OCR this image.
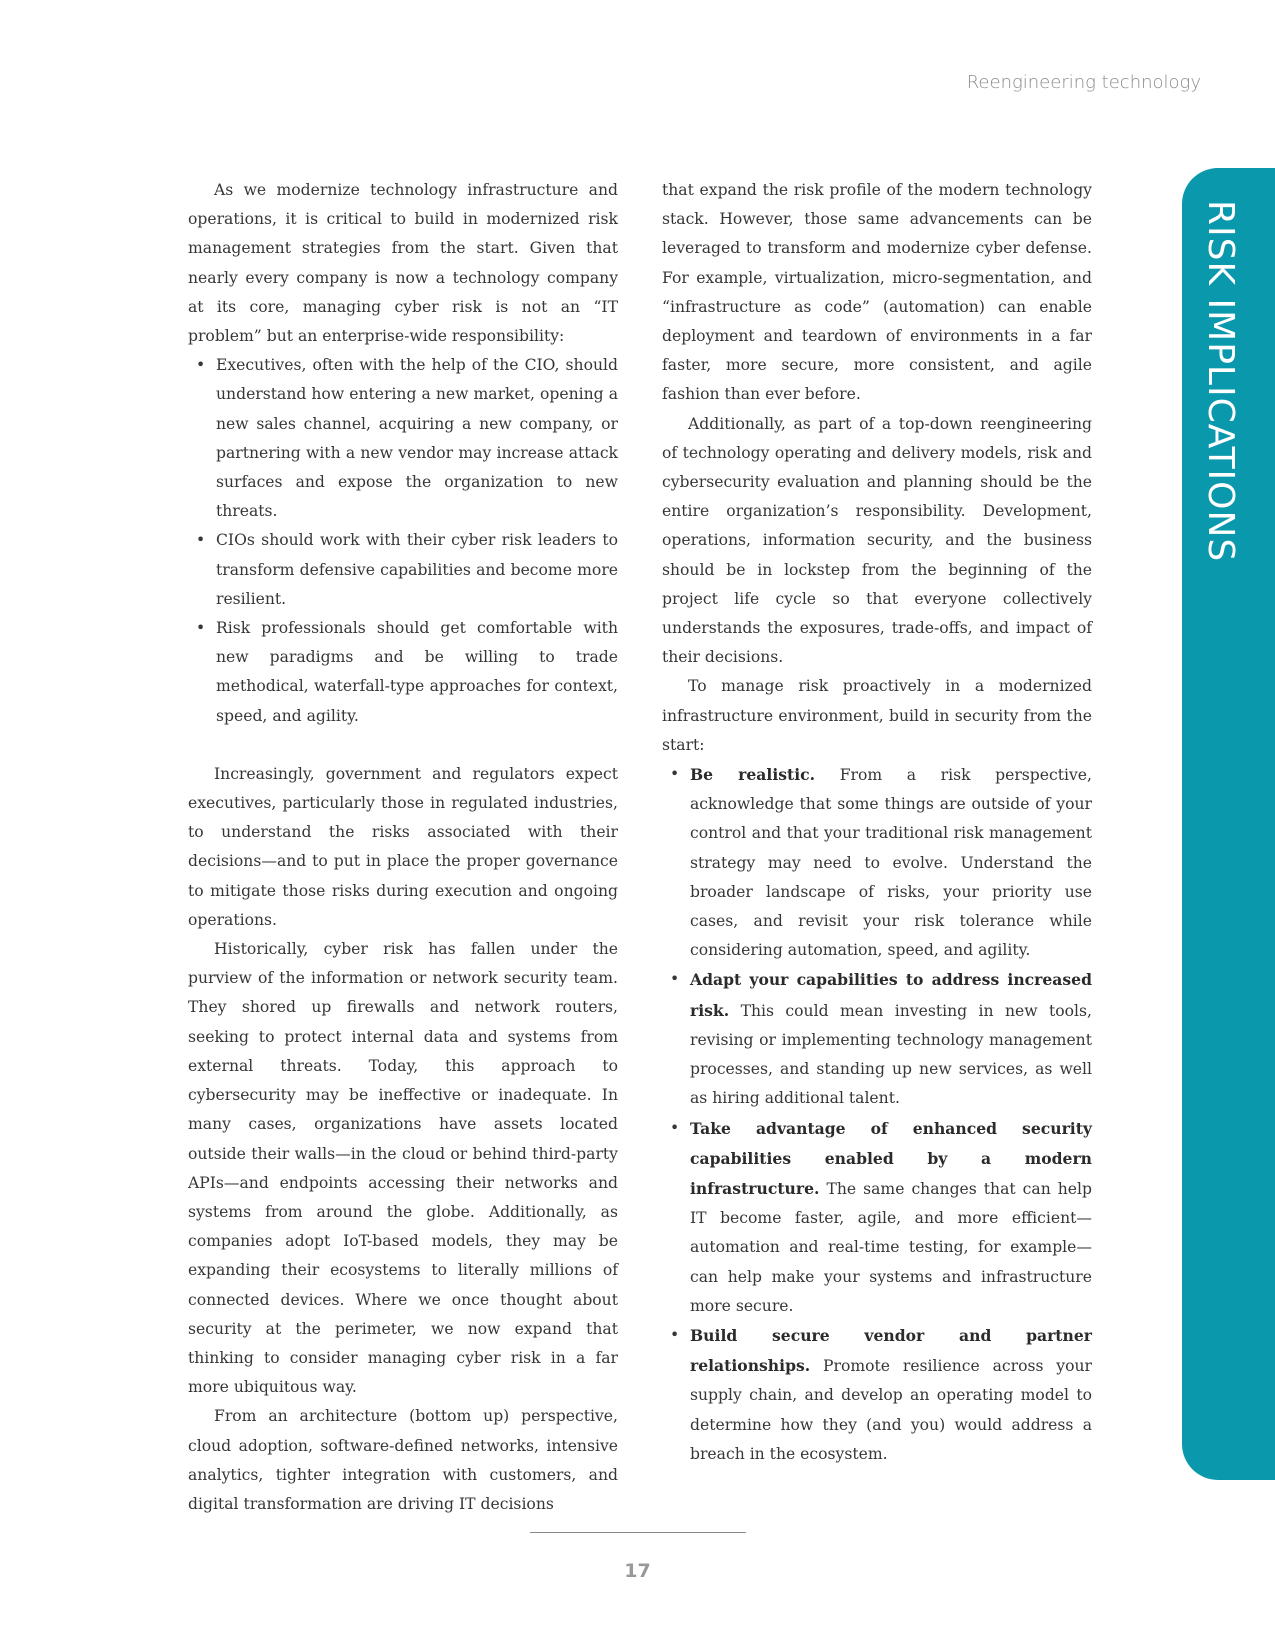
Reengineering technology
RISK IMPLICATIONS

As we modernize technology infrastructure and operations, it is critical to build in modernized risk management strategies from the start. Given that nearly every company is now a technology company at its core, managing cyber risk is not an “IT problem” but an enterprise-wide responsibility:

• Executives, often with the help of the CIO, should understand how entering a new market, opening a new sales channel, acquiring a new company, or partnering with a new vendor may increase attack surfaces and expose the organization to new threats.
• CIOs should work with their cyber risk leaders to transform defensive capabilities and become more resilient.
• Risk professionals should get comfortable with new paradigms and be willing to trade methodical, waterfall-type approaches for context, speed, and agility.

Increasingly, government and regulators expect executives, particularly those in regulated industries, to understand the risks associated with their decisions—and to put in place the proper governance to mitigate those risks during execution and ongoing operations.

Historically, cyber risk has fallen under the purview of the information or network security team. They shored up firewalls and network routers, seeking to protect internal data and systems from external threats. Today, this approach to cybersecurity may be ineffective or inadequate. In many cases, organizations have assets located outside their walls—in the cloud or behind third-party APIs—and endpoints accessing their networks and systems from around the globe. Additionally, as companies adopt IoT-based models, they may be expanding their ecosystems to literally millions of connected devices. Where we once thought about security at the perimeter, we now expand that thinking to consider managing cyber risk in a far more ubiquitous way.

From an architecture (bottom up) perspective, cloud adoption, software-defined networks, intensive analytics, tighter integration with customers, and digital transformation are driving IT decisions

that expand the risk profile of the modern technology stack. However, those same advancements can be leveraged to transform and modernize cyber defense. For example, virtualization, micro-segmentation, and “infrastructure as code” (automation) can enable deployment and teardown of environments in a far faster, more secure, more consistent, and agile fashion than ever before.

Additionally, as part of a top-down reengineering of technology operating and delivery models, risk and cybersecurity evaluation and planning should be the entire organization’s responsibility. Development, operations, information security, and the business should be in lockstep from the beginning of the project life cycle so that everyone collectively understands the exposures, trade-offs, and impact of their decisions.

To manage risk proactively in a modernized infrastructure environment, build in security from the start:

• Be realistic. From a risk perspective, acknowledge that some things are outside of your control and that your traditional risk management strategy may need to evolve. Understand the broader landscape of risks, your priority use cases, and revisit your risk tolerance while considering automation, speed, and agility.
• Adapt your capabilities to address increased risk. This could mean investing in new tools, revising or implementing technology management processes, and standing up new services, as well as hiring additional talent.
• Take advantage of enhanced security capabilities enabled by a modern infrastructure. The same changes that can help IT become faster, agile, and more efficient—automation and real-time testing, for example—can help make your systems and infrastructure more secure.
• Build secure vendor and partner relationships. Promote resilience across your supply chain, and develop an operating model to determine how they (and you) would address a breach in the ecosystem.
17
